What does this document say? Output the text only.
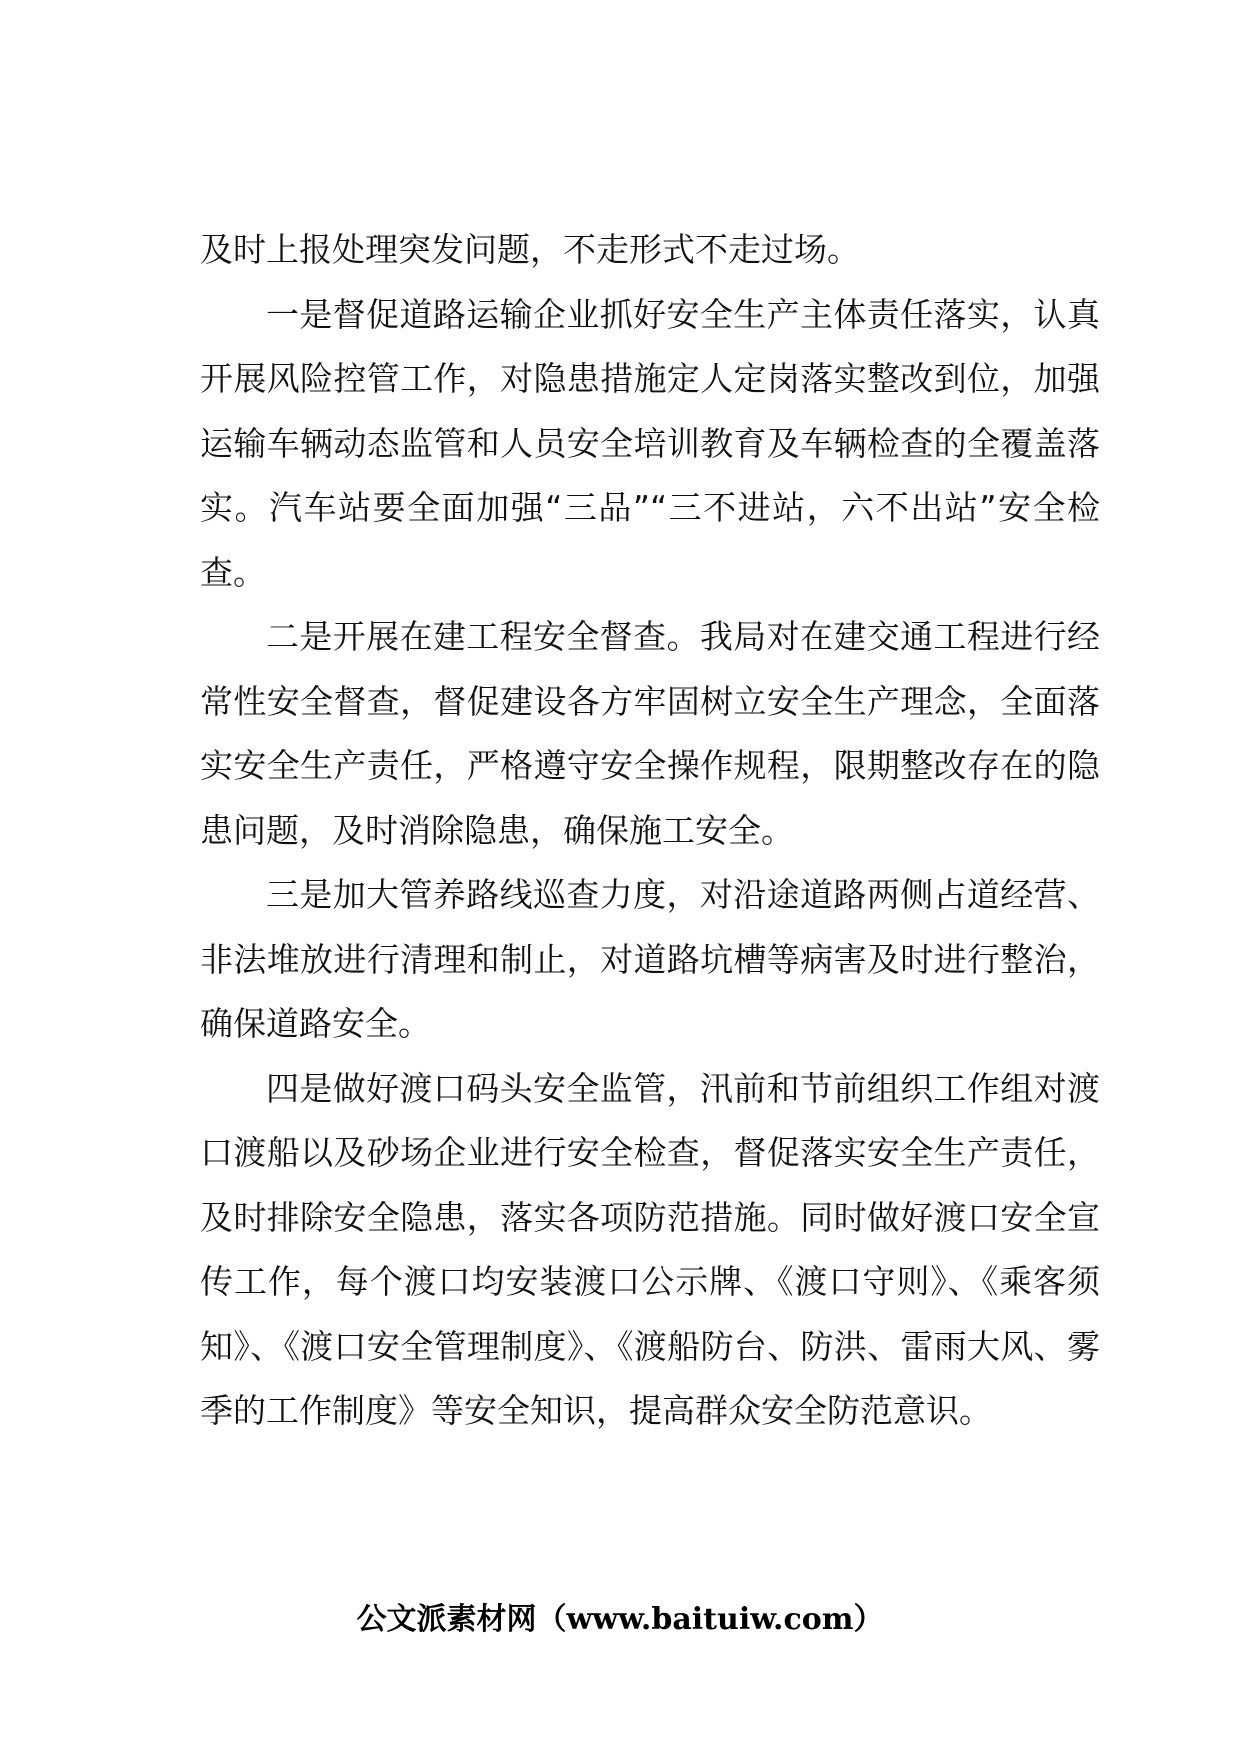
及时上报处理突发问题，不走形式不走过场。

一是督促道路运输企业抓好安全生产主体责任落实，认真开展风险控管工作，对隐患措施定人定岗落实整改到位，加强运输车辆动态监管和人员安全培训教育及车辆检查的全覆盖落实。汽车站要全面加强“三品”“三不进站，六不出站”安全检查。

二是开展在建工程安全督查。我局对在建交通工程进行经常性安全督查，督促建设各方牢固树立安全生产理念，全面落实安全生产责任，严格遵守安全操作规程，限期整改存在的隐患问题，及时消除隐患，确保施工安全。

三是加大管养路线巡查力度，对沿途道路两侧占道经营、非法堆放进行清理和制止，对道路坑槽等病害及时进行整治，确保道路安全。

四是做好渡口码头安全监管，汛前和节前组织工作组对渡口渡船以及砂场企业进行安全检查，督促落实安全生产责任，及时排除安全隐患，落实各项防范措施。同时做好渡口安全宣传工作，每个渡口均安装渡口公示牌、《渡口守则》、《乘客须知》、《渡口安全管理制度》、《渡船防台、防洪、雷雨大风、雾季的工作制度》等安全知识，提高群众安全防范意识。

公文派素材网（www.baituiw.com）
